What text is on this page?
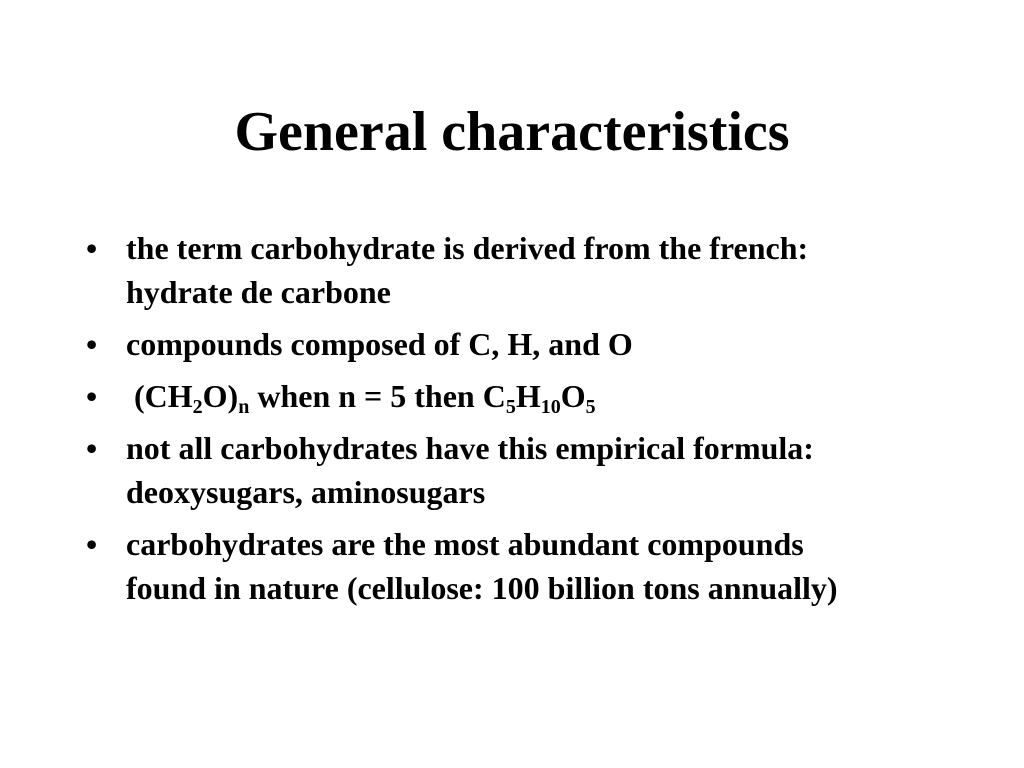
General characteristics
• the term carbohydrate is derived from the french: hydrate de carbone
• compounds composed of C, H, and O
• $(CH_2O)_n$ when n = 5 then $C_5H_{10}O_5$
• not all carbohydrates have this empirical formula: deoxysugars, aminosugars
• carbohydrates are the most abundant compounds found in nature (cellulose: 100 billion tons annually)
